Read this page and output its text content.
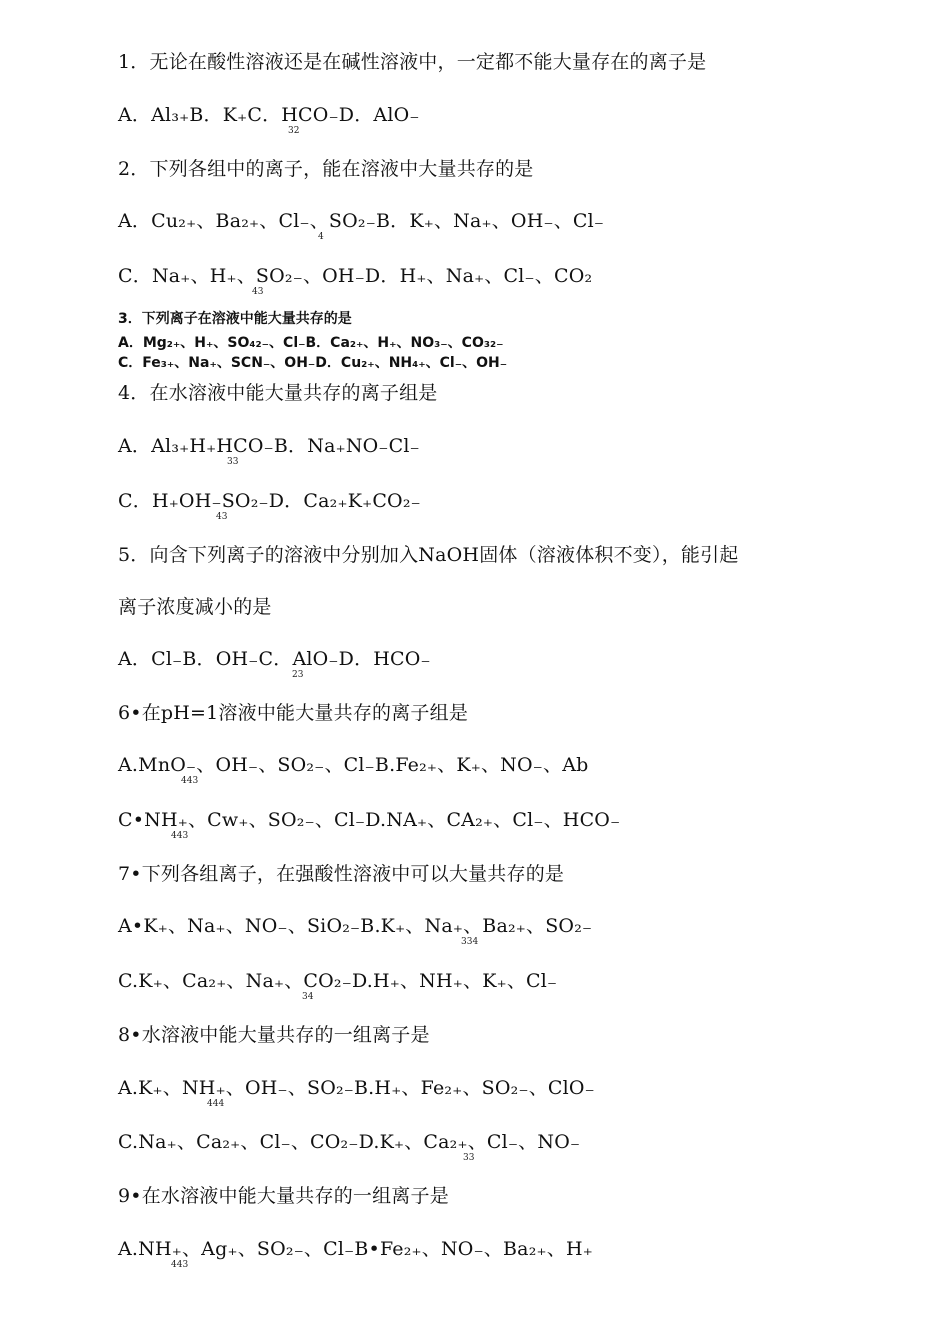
1．无论在酸性溶液还是在碱性溶液中，一定都不能大量存在的离子是
A．Al₃₊B．K₊C．HCO₋D．AlO₋
32
2．下列各组中的离子，能在溶液中大量共存的是
A．Cu₂₊、Ba₂₊、Cl₋、SO₂₋B．K₊、Na₊、OH₋、Cl₋
4
C．Na₊、H₊、SO₂₋、OH₋D．H₊、Na₊、Cl₋、CO₂
43
3．下列离子在溶液中能大量共存的是
A．Mg₂₊、H₊、SO₄₂₋、Cl₋B．Ca₂₊、H₊、NO₃₋、CO₃₂₋
C．Fe₃₊、Na₊、SCN₋、OH₋D．Cu₂₊、NH₄₊、Cl₋、OH₋
4．在水溶液中能大量共存的离子组是
A．Al₃₊H₊HCO₋B．Na₊NO₋Cl₋
33
C．H₊OH₋SO₂₋D．Ca₂₊K₊CO₂₋
43
5．向含下列离子的溶液中分别加入NaOH固体（溶液体积不变），能引起
离子浓度减小的是
A．Cl₋B．OH₋C．AlO₋D．HCO₋
23
6•在pH=1溶液中能大量共存的离子组是
A.MnO₋、OH₋、SO₂₋、Cl₋B.Fe₂₊、K₊、NO₋、Ab
443
C•NH₊、Cw₊、SO₂₋、Cl₋D.NA₊、CA₂₊、Cl₋、HCO₋
443
7•下列各组离子，在强酸性溶液中可以大量共存的是
A•K₊、Na₊、NO₋、SiO₂₋B.K₊、Na₊、Ba₂₊、SO₂₋
334
C.K₊、Ca₂₊、Na₊、CO₂₋D.H₊、NH₊、K₊、Cl₋
34
8•水溶液中能大量共存的一组离子是
A.K₊、NH₊、OH₋、SO₂₋B.H₊、Fe₂₊、SO₂₋、ClO₋
444
C.Na₊、Ca₂₊、Cl₋、CO₂₋D.K₊、Ca₂₊、Cl₋、NO₋
33
9•在水溶液中能大量共存的一组离子是
A.NH₊、Ag₊、SO₂₋、Cl₋B•Fe₂₊、NO₋、Ba₂₊、H₊
443
